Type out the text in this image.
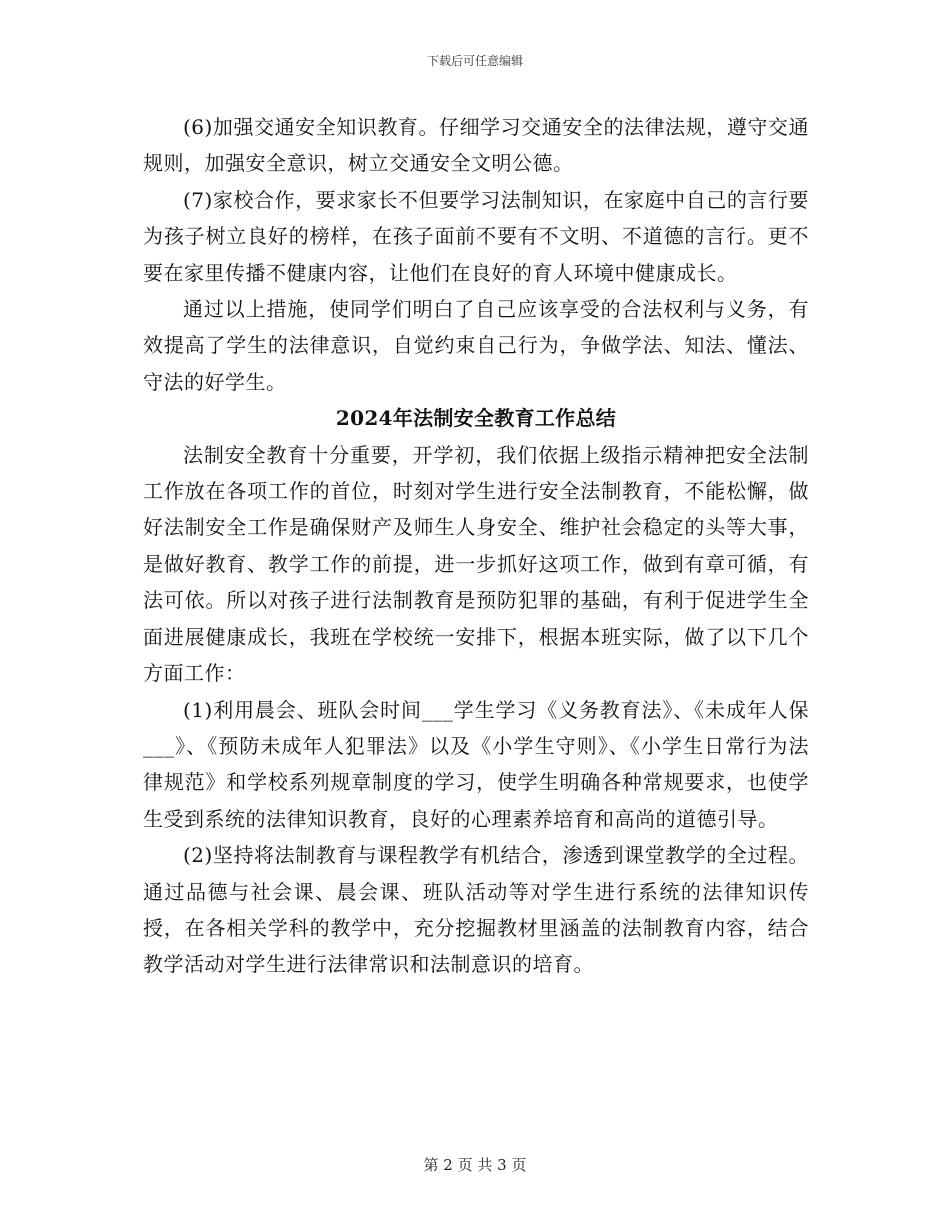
下载后可任意编辑

(6)加强交通安全知识教育。仔细学习交通安全的法律法规，遵守交通规则，加强安全意识，树立交通安全文明公德。

(7)家校合作，要求家长不但要学习法制知识，在家庭中自己的言行要为孩子树立良好的榜样，在孩子面前不要有不文明、不道德的言行。更不要在家里传播不健康内容，让他们在良好的育人环境中健康成长。

通过以上措施，使同学们明白了自己应该享受的合法权利与义务，有效提高了学生的法律意识，自觉约束自己行为，争做学法、知法、懂法、守法的好学生。

2024年法制安全教育工作总结

法制安全教育十分重要，开学初，我们依据上级指示精神把安全法制工作放在各项工作的首位，时刻对学生进行安全法制教育，不能松懈，做好法制安全工作是确保财产及师生人身安全、维护社会稳定的头等大事，是做好教育、教学工作的前提，进一步抓好这项工作，做到有章可循，有法可依。所以对孩子进行法制教育是预防犯罪的基础，有利于促进学生全面进展健康成长，我班在学校统一安排下，根据本班实际，做了以下几个方面工作：

(1)利用晨会、班队会时间___学生学习《义务教育法》、《未成年人保___》、《预防未成年人犯罪法》以及《小学生守则》、《小学生日常行为法律规范》和学校系列规章制度的学习，使学生明确各种常规要求，也使学生受到系统的法律知识教育，良好的心理素养培育和高尚的道德引导。

(2)坚持将法制教育与课程教学有机结合，渗透到课堂教学的全过程。通过品德与社会课、晨会课、班队活动等对学生进行系统的法律知识传授，在各相关学科的教学中，充分挖掘教材里涵盖的法制教育内容，结合教学活动对学生进行法律常识和法制意识的培育。

第 2 页 共 3 页
